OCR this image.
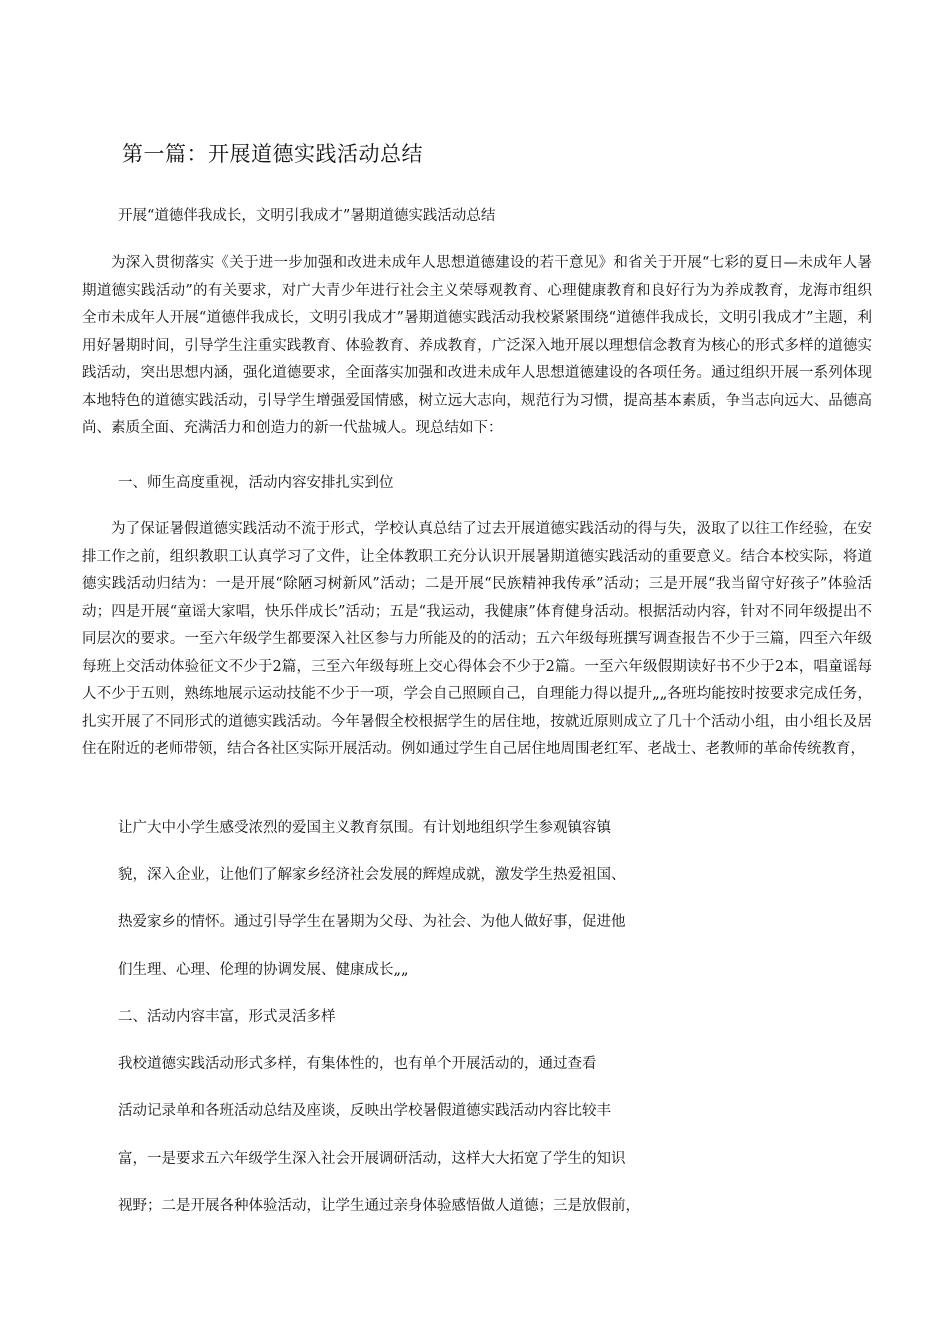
第一篇：开展道德实践活动总结
开展“道德伴我成长，文明引我成才”暑期道德实践活动总结

为深入贯彻落实《关于进一步加强和改进未成年人思想道德建设的若干意见》和省关于开展“七彩的夏日—未成年人暑期道德实践活动”的有关要求，对广大青少年进行社会主义荣辱观教育、心理健康教育和良好行为为养成教育，龙海市组织全市未成年人开展“道德伴我成长，文明引我成才”暑期道德实践活动我校紧紧围绕“道德伴我成长，文明引我成才”主题，利用好暑期时间，引导学生注重实践教育、体验教育、养成教育，广泛深入地开展以理想信念教育为核心的形式多样的道德实践活动，突出思想内涵，强化道德要求，全面落实加强和改进未成年人思想道德建设的各项任务。通过组织开展一系列体现本地特色的道德实践活动，引导学生增强爱国情感，树立远大志向，规范行为习惯，提高基本素质，争当志向远大、品德高尚、素质全面、充满活力和创造力的新一代盐城人。现总结如下：

一、师生高度重视，活动内容安排扎实到位

为了保证暑假道德实践活动不流于形式，学校认真总结了过去开展道德实践活动的得与失，汲取了以往工作经验，在安排工作之前，组织教职工认真学习了文件，让全体教职工充分认识开展暑期道德实践活动的重要意义。结合本校实际，将道德实践活动归结为：一是开展“除陋习树新风”活动；二是开展“民族精神我传承”活动；三是开展“我当留守好孩子”体验活动；四是开展“童谣大家唱，快乐伴成长”活动；五是“我运动，我健康”体育健身活动。根据活动内容，针对不同年级提出不同层次的要求。一至六年级学生都要深入社区参与力所能及的的活动；五六年级每班撰写调查报告不少于三篇，四至六年级每班上交活动体验征文不少于2篇，三至六年级每班上交心得体会不少于2篇。一至六年级假期读好书不少于2本，唱童谣每人不少于五则，熟练地展示运动技能不少于一项，学会自己照顾自己，自理能力得以提升„„各班均能按时按要求完成任务，扎实开展了不同形式的道德实践活动。今年暑假全校根据学生的居住地，按就近原则成立了几十个活动小组，由小组长及居住在附近的老师带领，结合各社区实际开展活动。例如通过学生自己居住地周围老红军、老战士、老教师的革命传统教育，

让广大中小学生感受浓烈的爱国主义教育氛围。有计划地组织学生参观镇容镇
貌，深入企业，让他们了解家乡经济社会发展的辉煌成就，激发学生热爱祖国、
热爱家乡的情怀。通过引导学生在暑期为父母、为社会、为他人做好事，促进他
们生理、心理、伦理的协调发展、健康成长„„
二、活动内容丰富，形式灵活多样
我校道德实践活动形式多样，有集体性的，也有单个开展活动的，通过查看
活动记录单和各班活动总结及座谈，反映出学校暑假道德实践活动内容比较丰
富，一是要求五六年级学生深入社会开展调研活动，这样大大拓宽了学生的知识
视野；二是开展各种体验活动，让学生通过亲身体验感悟做人道德；三是放假前，
